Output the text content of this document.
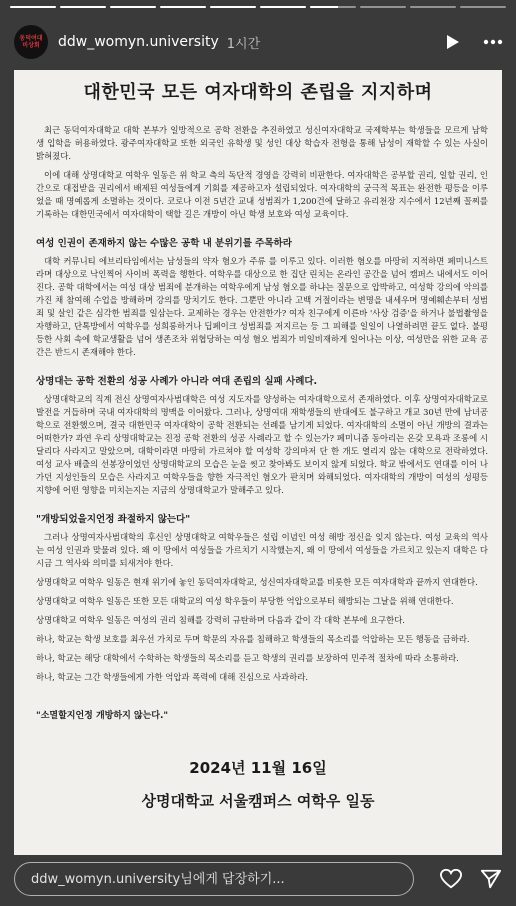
동덕여대
비상회 ddw_womyn.university 1시간
대한민국 모든 여자대학의 존립을 지지하며

최근 동덕여자대학교 대학 본부가 일방적으로 공학 전환을 추진하였고 성신여자대학교 국제학부는 학생들을 모르게 남학생 입학을 허용하였다. 광주여자대학교 또한 외국인 유학생 및 성인 대상 학습자 전형을 통해 남성이 재학할 수 있는 사실이 밝혀졌다.

이에 대해 상명대학교 여학우 일동은 위 학교 측의 독단적 경영을 강력히 비판한다. 여자대학은 공부할 권리, 일할 권리, 인간으로 대접받을 권리에서 배제된 여성들에게 기회를 제공하고자 설립되었다. 여자대학의 궁극적 목표는 완전한 평등을 이루었을 때 명예롭게 소멸하는 것이다. 코로나 이전 5년간 교내 성범죄가 1,200건에 달하고 유리천장 지수에서 12년째 꼴찌를 기록하는 대한민국에서 여자대학이 택할 길은 개방이 아닌 학생 보호와 여성 교육이다.

여성 인권이 존재하지 않는 수많은 공학 내 분위기를 주목하라

대학 커뮤니티 에브리타임에서는 남성들의 약자 혐오가 주류 를 이루고 있다. 이러한 혐오를 마땅히 지적하면 페미니스트라며 대상으로 낙인찍어 사이버 폭력을 행한다. 여학우를 대상으로 한 집단 린치는 온라인 공간을 넘어 캠퍼스 내에서도 이어진다. 공학 대학에서는 여성 대상 범죄에 분개하는 여학우에게 남성 혐오를 하냐는 질문으로 압박하고, 여성학 강의에 악의를 가진 채 참여해 수업을 방해하며 강의를 망치기도 한다. 그뿐만 아니라 고백 거절이라는 변명을 내세우며 명예훼손부터 성범죄 및 살인 같은 심각한 범죄를 일삼는다. 교제하는 경우는 안전한가? 여자 친구에게 이른바 '사상 검증'을 하거나 불법촬영을 자행하고, 단톡방에서 여학우를 성희롱하거나 딥페이크 성범죄를 저지르는 등 그 피해를 일일이 나열하려면 끝도 없다. 불평등한 사회 속에 학교생활을 넘어 생존조차 위협당하는 여성 혐오 범죄가 비일비재하게 일어나는 이상, 여성만을 위한 교육 공간은 반드시 존재해야 한다.

상명대는 공학 전환의 성공 사례가 아니라 여대 존립의 실패 사례다.

상명대학교의 직계 전신 상명여자사범대학은 여성 지도자를 양성하는 여자대학으로서 존재하였다. 이후 상명여자대학교로 발전을 거듭하며 국내 여자대학의 명맥을 이어왔다. 그러나, 상명여대 재학생들의 반대에도 불구하고 개교 30년 만에 남녀공학으로 전환했으며, 결국 대한민국 여자대학이 공학 전환되는 선례를 남기게 되었다. 여자대학의 소멸이 아닌 개방의 결과는 어떠한가? 과연 우리 상명대학교는 진정 공학 전환의 성공 사례라고 할 수 있는가? 페미니즘 동아리는 온갖 모욕과 조롱에 시달리다 사라지고 말았으며, 대학이라면 마땅히 가르쳐야 할 여성학 강의마저 단 한 개도 열리지 않는 대학으로 전락하였다. 여성 교사 배출의 선봉장이었던 상명대학교의 모습은 눈을 씻고 찾아봐도 보이지 않게 되었다. 학교 밖에서도 연대를 이어 나가던 지성인들의 모습은 사라지고 여학우들을 향한 자극적인 혐오가 판치며 와해되었다. 여자대학의 개방이 여성의 성평등 지향에 어떤 영향을 미치는지는 지금의 상명대학교가 말해주고 있다.

"개방되었을지언정 좌절하지 않는다"

그러나 상명여자사범대학의 후신인 상명대학교 여학우들은 설립 이념인 여성 해방 정신을 잊지 않는다. 여성 교육의 역사는 여성 인권과 맞물려 있다. 왜 이 땅에서 여성들을 가르치기 시작했는지, 왜 이 땅에서 여성들을 가르치고 있는지 대학은 다시금 그 역사와 의미를 되새겨야 한다.

상명대학교 여학우 일동은 현재 위기에 놓인 동덕여자대학교, 성신여자대학교를 비롯한 모든 여자대학과 끝까지 연대한다.

상명대학교 여학우 일동은 또한 모든 대학교의 여성 학우들이 부당한 억압으로부터 해방되는 그날을 위해 연대한다.

상명대학교 여학우 일동은 여성의 권리 침해를 강력히 규탄하며 다음과 같이 각 대학 본부에 요구한다.

하나, 학교는 학생 보호를 최우선 가치로 두며 학문의 자유를 침해하고 학생들의 목소리를 억압하는 모든 행동을 금하라.

하나, 학교는 해당 대학에서 수학하는 학생들의 목소리를 듣고 학생의 권리를 보장하여 민주적 절차에 따라 소통하라.

하나, 학교는 그간 학생들에게 가한 억압과 폭력에 대해 진심으로 사과하라.

"소멸할지언정 개방하지 않는다."
2024년 11월 16일
상명대학교 서울캠퍼스 여학우 일동
ddw_womyn.university님에게 답장하기...
